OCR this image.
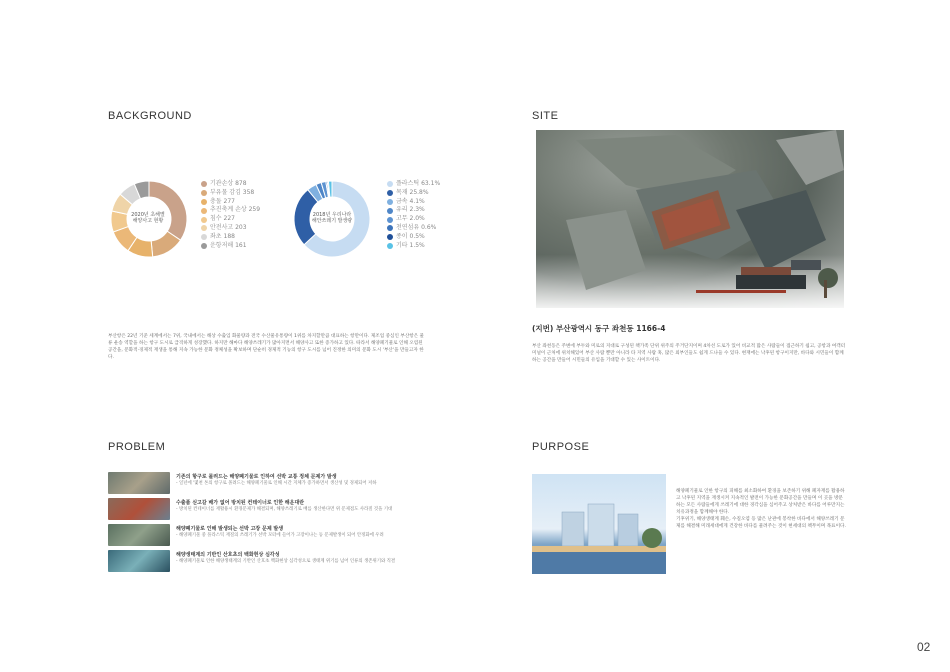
BACKGROUND	SITE
PROBLEM	PURPOSE
2020년 초해별
해양사고 현황
기관손상 878
부유물 감김 358
충돌 277
추진축계 손상 259
침수 227
안전사고 203
좌초 188
운항저해 161
2018년 우리나라
해안쓰레기 발생량
플라스틱 63.1%
목재 25.8%
금속 4.1%
유리 2.3%
고무 2.0%
천연섬유 0.6%
종이 0.5%
기타 1.5%
부산항은 22년 기준 세계에서는 7위, 국내에서는 해상 수출입 화물량과 전국 수산물유통량이 1위를 차지할만큼 대표하는 항만이다. 제조업 중심인 부산항은 물류 운송 역할을 하는 항구 도시로 급격하게 성장했다. 하지만 해마다 해양쓰레기가 많아지면서 해양사고 또한 증가하고 있다. 따라서 해양폐기물로 인해 오염된 공간을, 문화적·경제적 재생을 통해 지속 가능한 문화 정체성을 확보하며 단순히 경제적 기능의 항구 도시를 넘어 진정한 의미의 문화 도시 '부산'을 만들고자 한다.
(지번) 부산광역시 동구 좌천동 1166-4
부산 좌천동은 주변에 부두와 미로의 지대로 구성된 책가족 단위 위주의 주거단지이며 4차선 도로가 있어 비교적 많은 사람들이 접근하기 쉽고, 공항과 여객터미널이 근처에 위치해있어 부산 사람 뿐만 아니라 타 지역 사람 혹, 많은 외부인들도 쉽게 드나들 수 있다. 현재에는 낙후된 항구이지만, 바다와 시민들이 함께하는 공간을 만들어 시민들의 유입을 기대할 수 있는 사이트이다.
기존의 항구로 몰려드는 해양폐기물로 인하여 선박 교통 정체 문제가 발생
- 일년에 '몇천 톤의 항구로 몰려드는 해양폐기물로 인해 시간 지체가 증가하면서 생산성 및 경제되어 저하
수출품 싣고갈 배가 없어 방치된 컨테이너로 인한 해운대란
- 방치된 컨테이너를 재활용시 환경문제가 해결되며, 해양쓰레기로 배를 생산한다면 위 문제점도 사라질 것을 기대
해양폐기물로 인해 발생되는 선박 고장 문제 발생
- 해양폐기물 중 플라스틱 재질의 쓰레기가 선박 모터에 들어가 고장이나는 등 문제발생이 되어 안정화에 우려
해양생태계의 기반인 산호초의 백화현상 심각성
- 해양폐기물로 인한 해양생태계의 기반인 산호초 백화현상 심각성으로 생태계 위기를 넘어 인류의 생존위기와 직결
해양폐기물로 인한 항구의 피해를 최소화하여 환경을 보존하기 위해 폐자재를 활용하고 낙후된 지역을 재생시켜 지속적인 발전이 가능한 문화공간을 만들며 이 곳을 방문하는 모든 사람들에게 쓰레기에 대한 경각심을 심어주고 상처받은 바다를 어루만지는 치유과정을 함께해야 한다.
기후위기, 해양생태계 훼손, 수질오염 등 많은 난관에 봉착한 바다에서 해양쓰레기 문제를 해결해 미래세대에게 건강한 바다를 물려주는 것이 현세대의 책무이며 목표이다.
02
